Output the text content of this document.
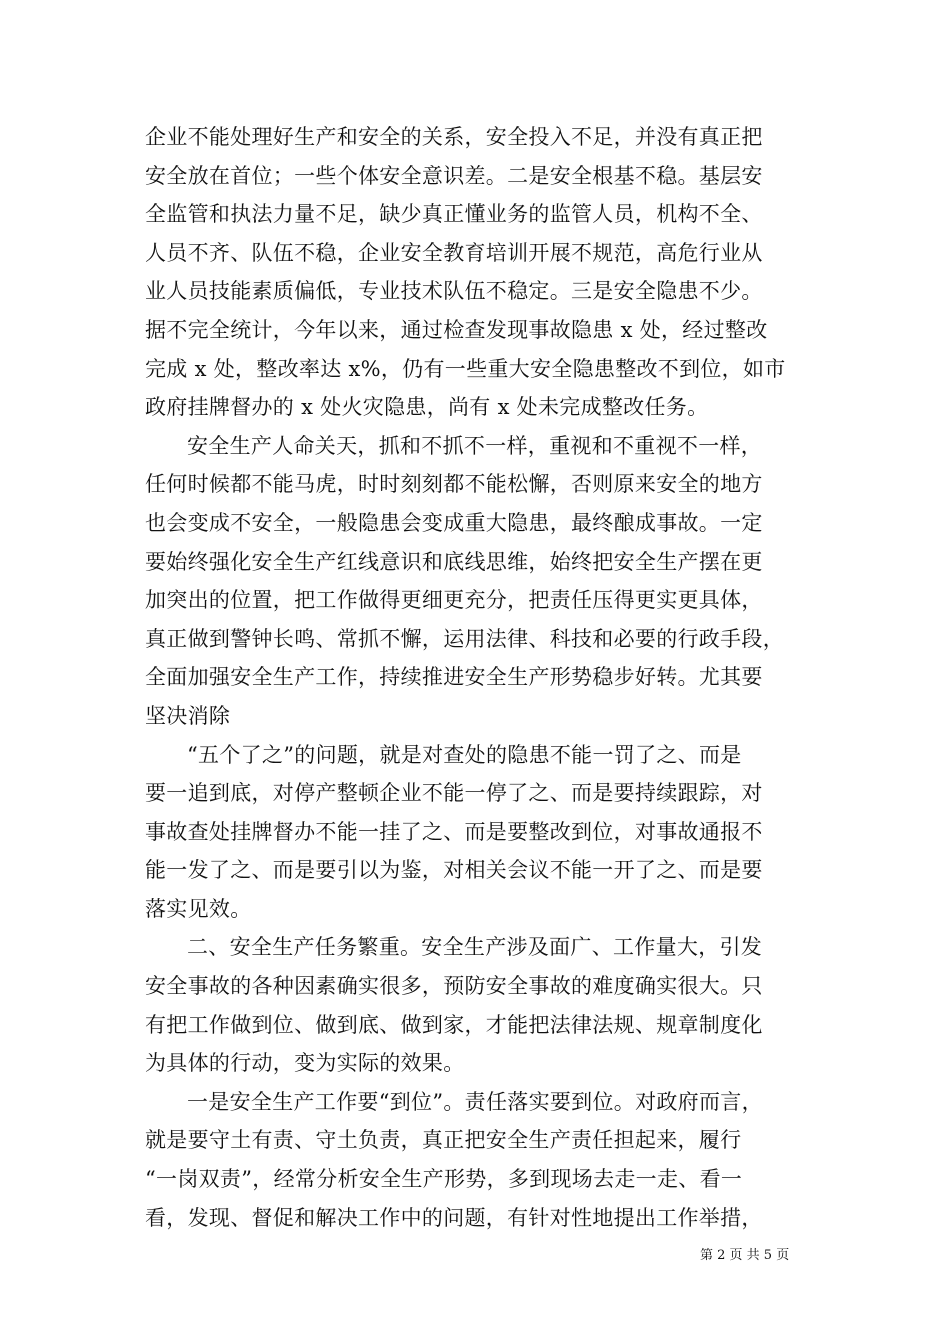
企业不能处理好生产和安全的关系，安全投入不足，并没有真正把
安全放在首位；一些个体安全意识差。二是安全根基不稳。基层安
全监管和执法力量不足，缺少真正懂业务的监管人员，机构不全、
人员不齐、队伍不稳，企业安全教育培训开展不规范，高危行业从
业人员技能素质偏低，专业技术队伍不稳定。三是安全隐患不少。
据不完全统计，今年以来，通过检查发现事故隐患 x 处，经过整改
完成 x 处，整改率达 x%，仍有一些重大安全隐患整改不到位，如市
政府挂牌督办的 x 处火灾隐患，尚有 x 处未完成整改任务。

安全生产人命关天，抓和不抓不一样，重视和不重视不一样，
任何时候都不能马虎，时时刻刻都不能松懈，否则原来安全的地方
也会变成不安全，一般隐患会变成重大隐患，最终酿成事故。一定
要始终强化安全生产红线意识和底线思维，始终把安全生产摆在更
加突出的位置，把工作做得更细更充分，把责任压得更实更具体，
真正做到警钟长鸣、常抓不懈，运用法律、科技和必要的行政手段，
全面加强安全生产工作，持续推进安全生产形势稳步好转。尤其要
坚决消除

“五个了之”的问题，就是对查处的隐患不能一罚了之、而是
要一追到底，对停产整顿企业不能一停了之、而是要持续跟踪，对
事故查处挂牌督办不能一挂了之、而是要整改到位，对事故通报不
能一发了之、而是要引以为鉴，对相关会议不能一开了之、而是要
落实见效。

二、安全生产任务繁重。安全生产涉及面广、工作量大，引发
安全事故的各种因素确实很多，预防安全事故的难度确实很大。只
有把工作做到位、做到底、做到家，才能把法律法规、规章制度化
为具体的行动，变为实际的效果。

一是安全生产工作要“到位”。责任落实要到位。对政府而言，
就是要守土有责、守土负责，真正把安全生产责任担起来，履行
“一岗双责”，经常分析安全生产形势，多到现场去走一走、看一
看，发现、督促和解决工作中的问题，有针对性地提出工作举措，

第 2 页 共 5 页
